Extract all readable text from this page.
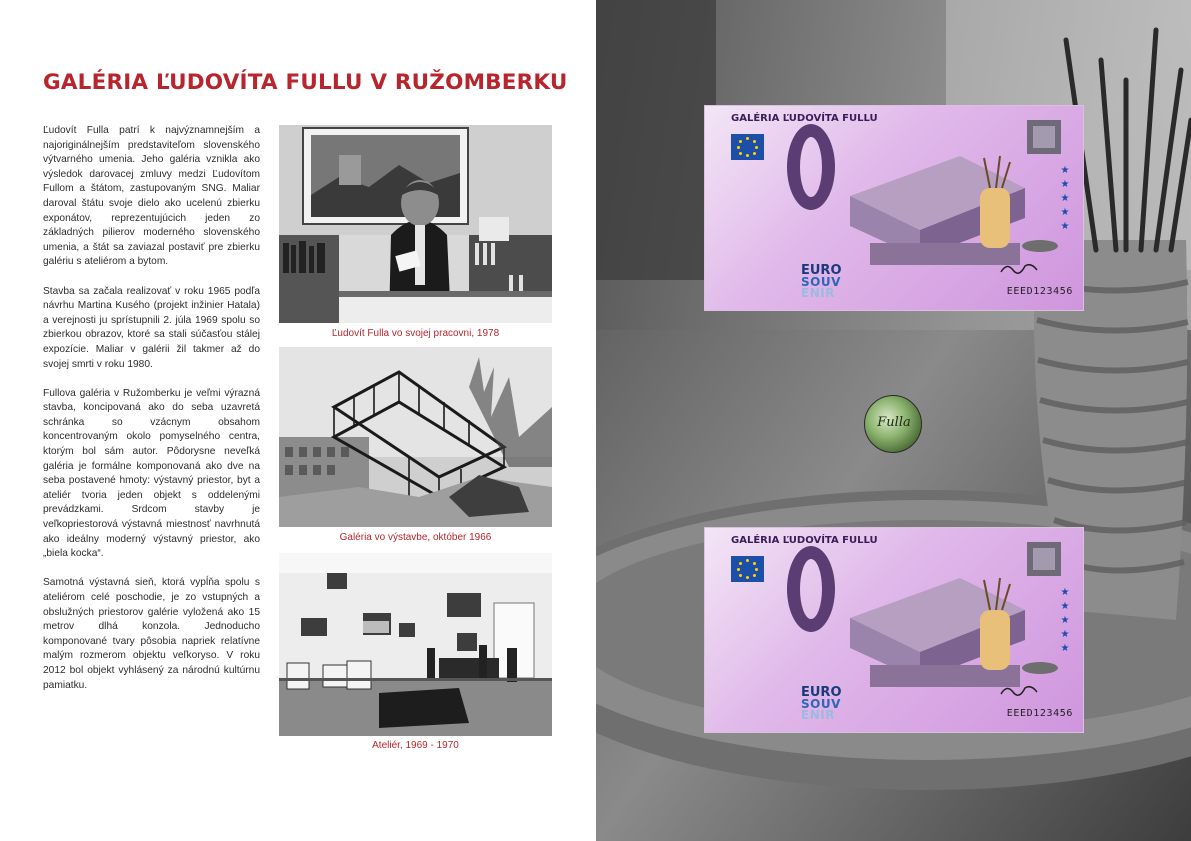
GALÉRIA ĽUDOVÍTA FULLU V RUŽOMBERKU

Ľudovít Fulla patrí k najvýznamnejším a najoriginálnejším predstaviteľom slovenského výtvarného umenia. Jeho galéria vznikla ako výsledok darovacej zmluvy medzi Ľudovítom Fullom a štátom, zastupovaným SNG. Maliar daroval štátu svoje dielo ako ucelenú zbierku exponátov, reprezentujúcich jeden zo základných pilierov moderného slovenského umenia, a štát sa zaviazal postaviť pre zbierku galériu s ateliérom a bytom.

Stavba sa začala realizovať v roku 1965 podľa návrhu Martina Kusého (projekt inžinier Hatala) a verejnosti ju sprístupnili 2. júla 1969 spolu so zbierkou obrazov, ktoré sa stali súčasťou stálej expozície. Maliar v galérii žil takmer až do svojej smrti v roku 1980.

Fullova galéria v Ružomberku je veľmi výrazná stavba, koncipovaná ako do seba uzavretá schránka so vzácnym obsahom koncentrovaným okolo pomyselného centra, ktorým bol sám autor. Pôdorysne neveľká galéria je formálne komponovaná ako dve na seba postavené hmoty: výstavný priestor, byt a ateliér tvoria jeden objekt s oddelenými prevádzkami. Srdcom stavby je veľkopriestorová výstavná miestnosť navrhnutá ako ideálny moderný výstavný priestor, ako „biela kocka“.

Samotná výstavná sieň, ktorá vypĺňa spolu s ateliérom celé poschodie, je zo vstupných a obslužných priestorov galérie vyložená ako 15 metrov dlhá konzola. Jednoducho komponované tvary pôsobia napriek relatívne malým rozmerom objektu veľkoryso. V roku 2012 bol objekt vyhlásený za národnú kultúrnu pamiatku.

Ľudovít Fulla vo svojej pracovni, 1978
Galéria vo výstavbe, október 1966
Ateliér, 1969 - 1970
GALÉRIA ĽUDOVÍTA FULLU
★
★
★
★
★
EURO
SOUV
ENIR	EEED123456
Fulla
GALÉRIA ĽUDOVÍTA FULLU
★
★
★
★
★
EURO
SOUV
ENIR	EEED123456
